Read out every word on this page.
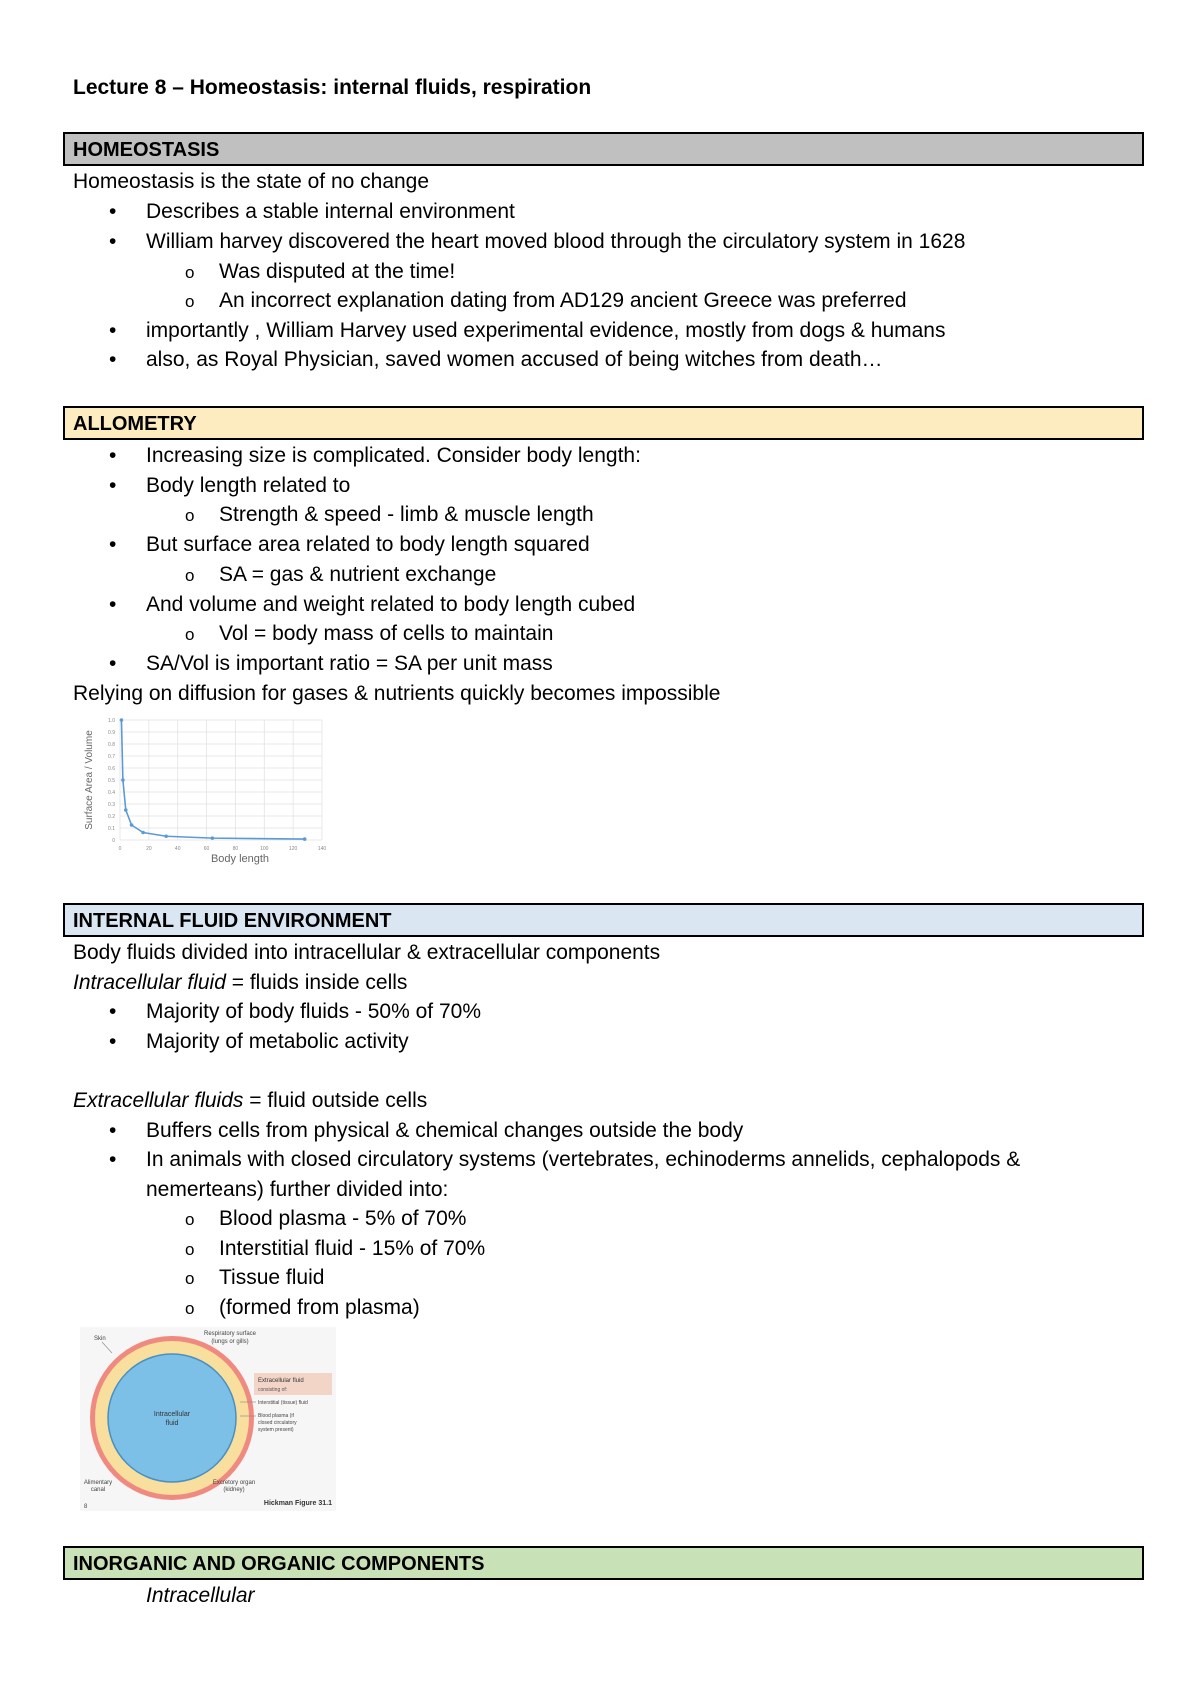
Lecture 8 – Homeostasis: internal fluids, respiration
HOMEOSTASIS
Homeostasis is the state of no change
• Describes a stable internal environment
• William harvey discovered the heart moved blood through the circulatory system in 1628
o Was disputed at the time!
o An incorrect explanation dating from AD129 ancient Greece was preferred
• importantly , William Harvey used experimental evidence, mostly from dogs & humans
• also, as Royal Physician, saved women accused of being witches from death…
ALLOMETRY
• Increasing size is complicated. Consider body length:
• Body length related to
o Strength & speed - limb & muscle length
• But surface area related to body length squared
o SA = gas & nutrient exchange
• And volume and weight related to body length cubed
o Vol = body mass of cells to maintain
• SA/Vol is important ratio = SA per unit mass
Relying on diffusion for gases & nutrients quickly becomes impossible
0
0.1
0.2
0.3
0.4
0.5
0.6
0.7
0.8
0.9
1.0
0	20	40	60	80	100	120	140
Body length
Surface Area / Volume
INTERNAL FLUID ENVIRONMENT
Body fluids divided into intracellular & extracellular components
Intracellular fluid = fluids inside cells
• Majority of body fluids - 50% of 70%
• Majority of metabolic activity
Extracellular fluids = fluid outside cells
• Buffers cells from physical & chemical changes outside the body
• In animals with closed circulatory systems (vertebrates, echinoderms annelids, cephalopods &
nemerteans) further divided into:
o Blood plasma - 5% of 70%
o Interstitial fluid - 15% of 70%
o Tissue fluid
o (formed from plasma)
Intracellular
fluid
Skin
Respiratory surface
(lungs or gills)
Extracellular fluid
consisting of:
Interstitial (tissue) fluid
Blood plasma (if
closed circulatory
system present)
Alimentary
canal
Excretory organ
(kidney)
8	Hickman Figure 31.1
INORGANIC AND ORGANIC COMPONENTS
Intracellular
